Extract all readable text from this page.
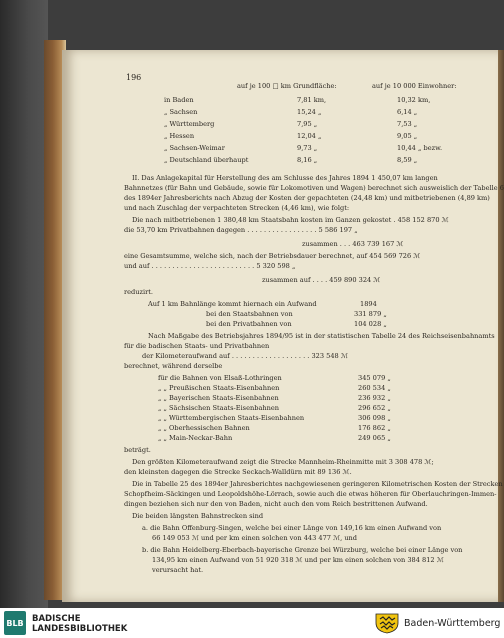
196
auf je 100 □ km Grundfläche:	auf je 10 000 Einwohner:
in Baden	7,81 km,	10,32 km,
„ Sachsen	15,24 „	6,14 „
„ Württemberg	7,95 „	7,53 „
„ Hessen	12,04 „	9,05 „
„ Sachsen-Weimar	9,73 „	10,44 „ bezw.
„ Deutschland überhaupt	8,16 „	8,59 „
II. Das Anlagekapital für Herstellung des am Schlusse des Jahres 1894 1 450,07 km langen
Bahnnetzes (für Bahn und Gebäude, sowie für Lokomotiven und Wagen) berechnet sich ausweislich der Tabelle 6
des 1894er Jahresberichts nach Abzug der Kosten der gepachteten (24,48 km) und mitbetriebenen (4,89 km)
und nach Zuschlag der verpachteten Strecken (4,46 km), wie folgt:
Die nach mitbetriebenen 1 380,48 km Staatsbahn kosten im Ganzen gekostet . 458 152 870 ℳ
die 53,70 km Privatbahnen dagegen . . . . . . . . . . . . . . . . . 5 586 197 „
zusammen . . . 463 739 167 ℳ
eine Gesamtsumme, welche sich, nach der Betriebsdauer berechnet, auf 454 569 726 ℳ
und auf . . . . . . . . . . . . . . . . . . . . . . . . . 5 320 598 „
zusammen auf . . . . 459 890 324 ℳ
reduzirt.
Auf 1 km Bahnlänge kommt hiernach ein Aufwand	1894
bei den Staatsbahnen von	331 879 „
bei den Privatbahnen von	104 028 „
Nach Maßgabe des Betriebsjahres 1894/95 ist in der statistischen Tabelle 24 des Reichseisenbahnamts
für die badischen Staats- und Privatbahnen
der Kilometeraufwand auf . . . . . . . . . . . . . . . . . . . 323 548 ℳ
berechnet, während derselbe
für die Bahnen von Elsaß-Lothringen	345 079 „
„ „ Preußischen Staats-Eisenbahnen	260 534 „
„ „ Bayerischen Staats-Eisenbahnen	236 932 „
„ „ Sächsischen Staats-Eisenbahnen	296 652 „
„ „ Württembergischen Staats-Eisenbahnen	306 098 „
„ „ Oberhessischen Bahnen	176 862 „
„ „ Main-Neckar-Bahn	249 065 „
beträgt.
Den größten Kilometeraufwand zeigt die Strecke Mannheim-Rheinmitte mit 3 308 478 ℳ;
den kleinsten dagegen die Strecke Seckach-Walldürn mit 89 136 ℳ.
Die in Tabelle 25 des 1894er Jahresberichtes nachgewiesenen geringeren Kilometrischen Kosten der Strecken
Schopfheim-Säckingen und Leopoldshöhe-Lörrach, sowie auch die etwas höheren für Oberlauchringen-Immen-
dingen beziehen sich nur den von Baden, nicht auch den vom Reich bestrittenen Aufwand.
Die beiden längsten Bahnstrecken sind
a. die Bahn Offenburg-Singen, welche bei einer Länge von 149,16 km einen Aufwand von
66 149 053 ℳ und per km einen solchen von 443 477 ℳ, und
b. die Bahn Heidelberg-Eberbach-bayerische Grenze bei Würzburg, welche bei einer Länge von
134,95 km einen Aufwand von 51 920 318 ℳ und per km einen solchen von 384 812 ℳ
verursacht hat.
BLB BADISCHE
LANDESBIBLIOTHEK	Baden-Württemberg
